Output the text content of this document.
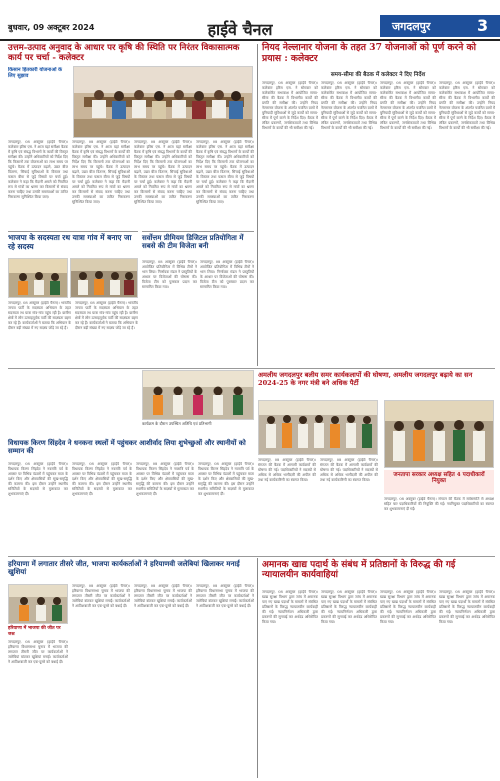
बुधवार, 09 अक्टूबर 2024	हाईवे चैनल	जगदलपुर	3
उत्तम-उत्पाद अनुवाद के आधार पर कृषि की स्थिति पर निरंतर विकासात्मक कार्य पर चर्चा - कलेक्टर
किसान हितकारी योजनाओं के लिए सुझाव
जगदलपुर, 08 अक्टूबर (हाईवे चैनल)। कलेक्टर हरिस एस. ने आज यहां समीक्षा बैठक में कृषि एवं संबद्ध विभागों के कार्यों की विस्तृत समीक्षा की। उन्होंने अधिकारियों को निर्देश दिए कि किसानों तक योजनाओं का लाभ समय पर पहुंचे। बैठक में उत्पादन बढ़ाने, उन्नत बीज वितरण, सिंचाई सुविधाओं के विस्तार तथा फसल बीमा से जुड़े विषयों पर चर्चा हुई। कलेक्टर ने कहा कि मैदानी अमले को नियमित रूप से गांवों का भ्रमण कर किसानों से संवाद करना चाहिए तथा उनकी समस्याओं का त्वरित निराकरण सुनिश्चित किया जाए।
जगदलपुर, 08 अक्टूबर (हाईवे चैनल)। कलेक्टर हरिस एस. ने आज यहां समीक्षा बैठक में कृषि एवं संबद्ध विभागों के कार्यों की विस्तृत समीक्षा की। उन्होंने अधिकारियों को निर्देश दिए कि किसानों तक योजनाओं का लाभ समय पर पहुंचे। बैठक में उत्पादन बढ़ाने, उन्नत बीज वितरण, सिंचाई सुविधाओं के विस्तार तथा फसल बीमा से जुड़े विषयों पर चर्चा हुई। कलेक्टर ने कहा कि मैदानी अमले को नियमित रूप से गांवों का भ्रमण कर किसानों से संवाद करना चाहिए तथा उनकी समस्याओं का त्वरित निराकरण सुनिश्चित किया जाए।
जगदलपुर, 08 अक्टूबर (हाईवे चैनल)। कलेक्टर हरिस एस. ने आज यहां समीक्षा बैठक में कृषि एवं संबद्ध विभागों के कार्यों की विस्तृत समीक्षा की। उन्होंने अधिकारियों को निर्देश दिए कि किसानों तक योजनाओं का लाभ समय पर पहुंचे। बैठक में उत्पादन बढ़ाने, उन्नत बीज वितरण, सिंचाई सुविधाओं के विस्तार तथा फसल बीमा से जुड़े विषयों पर चर्चा हुई। कलेक्टर ने कहा कि मैदानी अमले को नियमित रूप से गांवों का भ्रमण कर किसानों से संवाद करना चाहिए तथा उनकी समस्याओं का त्वरित निराकरण सुनिश्चित किया जाए।
जगदलपुर, 08 अक्टूबर (हाईवे चैनल)। कलेक्टर हरिस एस. ने आज यहां समीक्षा बैठक में कृषि एवं संबद्ध विभागों के कार्यों की विस्तृत समीक्षा की। उन्होंने अधिकारियों को निर्देश दिए कि किसानों तक योजनाओं का लाभ समय पर पहुंचे। बैठक में उत्पादन बढ़ाने, उन्नत बीज वितरण, सिंचाई सुविधाओं के विस्तार तथा फसल बीमा से जुड़े विषयों पर चर्चा हुई। कलेक्टर ने कहा कि मैदानी अमले को नियमित रूप से गांवों का भ्रमण कर किसानों से संवाद करना चाहिए तथा उनकी समस्याओं का त्वरित निराकरण सुनिश्चित किया जाए।
नियद नेल्लानार योजना के तहत 37 योजनाओं को पूर्ण करने को प्रयास : कलेक्टर
समय-सीमा की बैठक में कलेक्टर ने दिए निर्देश
जगदलपुर, 08 अक्टूबर (हाईवे चैनल)। कलेक्टर हरिस एस. ने सोमवार को कलेक्टोरेट सभाकक्ष में आयोजित समय-सीमा की बैठक में विभागीय कार्यों की प्रगति की समीक्षा की। उन्होंने नियद नेल्लानार योजना के अंतर्गत चयनित ग्रामों में बुनियादी सुविधाओं से जुड़े कार्यों को समय-सीमा में पूर्ण करने के निर्देश दिए। बैठक में लंबित प्रकरणों, जनशिकायतों तथा विभिन्न विभागों के कार्यों की भी समीक्षा की गई।
जगदलपुर, 08 अक्टूबर (हाईवे चैनल)। कलेक्टर हरिस एस. ने सोमवार को कलेक्टोरेट सभाकक्ष में आयोजित समय-सीमा की बैठक में विभागीय कार्यों की प्रगति की समीक्षा की। उन्होंने नियद नेल्लानार योजना के अंतर्गत चयनित ग्रामों में बुनियादी सुविधाओं से जुड़े कार्यों को समय-सीमा में पूर्ण करने के निर्देश दिए। बैठक में लंबित प्रकरणों, जनशिकायतों तथा विभिन्न विभागों के कार्यों की भी समीक्षा की गई।
जगदलपुर, 08 अक्टूबर (हाईवे चैनल)। कलेक्टर हरिस एस. ने सोमवार को कलेक्टोरेट सभाकक्ष में आयोजित समय-सीमा की बैठक में विभागीय कार्यों की प्रगति की समीक्षा की। उन्होंने नियद नेल्लानार योजना के अंतर्गत चयनित ग्रामों में बुनियादी सुविधाओं से जुड़े कार्यों को समय-सीमा में पूर्ण करने के निर्देश दिए। बैठक में लंबित प्रकरणों, जनशिकायतों तथा विभिन्न विभागों के कार्यों की भी समीक्षा की गई।
जगदलपुर, 08 अक्टूबर (हाईवे चैनल)। कलेक्टर हरिस एस. ने सोमवार को कलेक्टोरेट सभाकक्ष में आयोजित समय-सीमा की बैठक में विभागीय कार्यों की प्रगति की समीक्षा की। उन्होंने नियद नेल्लानार योजना के अंतर्गत चयनित ग्रामों में बुनियादी सुविधाओं से जुड़े कार्यों को समय-सीमा में पूर्ण करने के निर्देश दिए। बैठक में लंबित प्रकरणों, जनशिकायतों तथा विभिन्न विभागों के कार्यों की भी समीक्षा की गई।
भाजपा के सदस्यता रथ यात्रा गांव में बनाए जा रहे सदस्य
जगदलपुर, 08 अक्टूबर (हाईवे चैनल)। भारतीय जनता पार्टी के सदस्यता अभियान के तहत सदस्यता रथ यात्रा गांव-गांव पहुंच रही है। ग्रामीण क्षेत्रों में लोग उत्साहपूर्वक पार्टी की सदस्यता ग्रहण कर रहे हैं। कार्यकर्ताओं ने बताया कि अभियान के दौरान बड़ी संख्या में नए सदस्य जोड़े जा रहे हैं।
जगदलपुर, 08 अक्टूबर (हाईवे चैनल)। भारतीय जनता पार्टी के सदस्यता अभियान के तहत सदस्यता रथ यात्रा गांव-गांव पहुंच रही है। ग्रामीण क्षेत्रों में लोग उत्साहपूर्वक पार्टी की सदस्यता ग्रहण कर रहे हैं। कार्यकर्ताओं ने बताया कि अभियान के दौरान बड़ी संख्या में नए सदस्य जोड़े जा रहे हैं।
सर्वोत्तम प्रीमियम डिजिटल प्रतियोगिता में सबसे की टीम विजेता बनी
जगदलपुर, 08 अक्टूबर (हाईवे चैनल)। आयोजित प्रतियोगिता में विभिन्न टीमों ने भाग लिया। निर्णायक मंडल ने प्रस्तुतियों के आधार पर विजेताओं की घोषणा की। विजेता टीम को पुरस्कार प्रदान कर सम्मानित किया गया।
जगदलपुर, 08 अक्टूबर (हाईवे चैनल)। आयोजित प्रतियोगिता में विभिन्न टीमों ने भाग लिया। निर्णायक मंडल ने प्रस्तुतियों के आधार पर विजेताओं की घोषणा की। विजेता टीम को पुरस्कार प्रदान कर सम्मानित किया गया।
कार्यक्रम के दौरान उपस्थित अतिथि एवं प्रतिभागी
अमलीय जगदलपुर बलीय समर कार्यकलापों की घोषणा, अमलीय जगदलपुर बढ़ाये का सन 2024-25 के नगर मंत्री बने अधिक पैर्टी
जगदलपुर, 08 अक्टूबर (हाईवे चैनल)। संगठन की बैठक में आगामी कार्यक्रमों की घोषणा की गई। पदाधिकारियों ने सदस्यों से अधिक से अधिक भागीदारी की अपील की तथा नई कार्यकारिणी का स्वागत किया।
जगदलपुर, 08 अक्टूबर (हाईवे चैनल)। संगठन की बैठक में आगामी कार्यक्रमों की घोषणा की गई। पदाधिकारियों ने सदस्यों से अधिक से अधिक भागीदारी की अपील की तथा नई कार्यकारिणी का स्वागत किया।
जनतापा सरकार अध्यक्ष सहित 4 पदाधीकारों नियुक्त
जगदलपुर, 08 अक्टूबर (हाईवे चैनल)। संगठन की बैठक में सर्वसम्मति से अध्यक्ष सहित चार पदाधिकारियों की नियुक्ति की गई। नवनियुक्त पदाधिकारियों का स्वागत कर शुभकामनाएं दी गईं।
विधायक किरण सिंहदेव ने धनकना स्थलों में पहुंचकर आशीर्वाद लिया शुभेच्छुओं और स्थानीयों को सम्मान की
जगदलपुर, 08 अक्टूबर (हाईवे चैनल)। विधायक किरण सिंहदेव ने नवरात्रि पर्व के अवसर पर विभिन्न पंडालों में पहुंचकर माता के दर्शन किए और क्षेत्रवासियों की सुख-समृद्धि की कामना की। इस दौरान उन्होंने स्थानीय समितियों के सदस्यों से मुलाकात कर शुभकामनाएं दीं।
जगदलपुर, 08 अक्टूबर (हाईवे चैनल)। विधायक किरण सिंहदेव ने नवरात्रि पर्व के अवसर पर विभिन्न पंडालों में पहुंचकर माता के दर्शन किए और क्षेत्रवासियों की सुख-समृद्धि की कामना की। इस दौरान उन्होंने स्थानीय समितियों के सदस्यों से मुलाकात कर शुभकामनाएं दीं।
जगदलपुर, 08 अक्टूबर (हाईवे चैनल)। विधायक किरण सिंहदेव ने नवरात्रि पर्व के अवसर पर विभिन्न पंडालों में पहुंचकर माता के दर्शन किए और क्षेत्रवासियों की सुख-समृद्धि की कामना की। इस दौरान उन्होंने स्थानीय समितियों के सदस्यों से मुलाकात कर शुभकामनाएं दीं।
जगदलपुर, 08 अक्टूबर (हाईवे चैनल)। विधायक किरण सिंहदेव ने नवरात्रि पर्व के अवसर पर विभिन्न पंडालों में पहुंचकर माता के दर्शन किए और क्षेत्रवासियों की सुख-समृद्धि की कामना की। इस दौरान उन्होंने स्थानीय समितियों के सदस्यों से मुलाकात कर शुभकामनाएं दीं।
हरियाणा में लगातार तीसरे जीत, भाजपा कार्यकर्ताओं ने हरियाणवी जलेबियां खिलाकर मनाई खुशियां
हरियाणा में भाजपा की जीत पर जश्न
जगदलपुर, 08 अक्टूबर (हाईवे चैनल)। हरियाणा विधानसभा चुनाव में भाजपा की लगातार तीसरी जीत पर कार्यकर्ताओं ने जलेबियां बांटकर खुशियां मनाईं। कार्यकर्ताओं ने आतिशबाजी कर एक-दूसरे को बधाई दी।
जगदलपुर, 08 अक्टूबर (हाईवे चैनल)। हरियाणा विधानसभा चुनाव में भाजपा की लगातार तीसरी जीत पर कार्यकर्ताओं ने जलेबियां बांटकर खुशियां मनाईं। कार्यकर्ताओं ने आतिशबाजी कर एक-दूसरे को बधाई दी।
जगदलपुर, 08 अक्टूबर (हाईवे चैनल)। हरियाणा विधानसभा चुनाव में भाजपा की लगातार तीसरी जीत पर कार्यकर्ताओं ने जलेबियां बांटकर खुशियां मनाईं। कार्यकर्ताओं ने आतिशबाजी कर एक-दूसरे को बधाई दी।
जगदलपुर, 08 अक्टूबर (हाईवे चैनल)। हरियाणा विधानसभा चुनाव में भाजपा की लगातार तीसरी जीत पर कार्यकर्ताओं ने जलेबियां बांटकर खुशियां मनाईं। कार्यकर्ताओं ने आतिशबाजी कर एक-दूसरे को बधाई दी।
अमानक खाद्य पदार्थ के संबंध में प्रतिष्ठानों के विरुद्ध की गई न्यायालयीन कार्यवाहियां
जगदलपुर, 08 अक्टूबर (हाईवे चैनल)। खाद्य सुरक्षा विभाग द्वारा जांच में अमानक पाए गए खाद्य पदार्थों के मामलों में संबंधित प्रतिष्ठानों के विरुद्ध न्यायालयीन कार्यवाही की गई। न्यायनिर्णयन अधिकारी द्वारा प्रकरणों की सुनवाई कर अर्थदंड अधिरोपित किया गया।
जगदलपुर, 08 अक्टूबर (हाईवे चैनल)। खाद्य सुरक्षा विभाग द्वारा जांच में अमानक पाए गए खाद्य पदार्थों के मामलों में संबंधित प्रतिष्ठानों के विरुद्ध न्यायालयीन कार्यवाही की गई। न्यायनिर्णयन अधिकारी द्वारा प्रकरणों की सुनवाई कर अर्थदंड अधिरोपित किया गया।
जगदलपुर, 08 अक्टूबर (हाईवे चैनल)। खाद्य सुरक्षा विभाग द्वारा जांच में अमानक पाए गए खाद्य पदार्थों के मामलों में संबंधित प्रतिष्ठानों के विरुद्ध न्यायालयीन कार्यवाही की गई। न्यायनिर्णयन अधिकारी द्वारा प्रकरणों की सुनवाई कर अर्थदंड अधिरोपित किया गया।
जगदलपुर, 08 अक्टूबर (हाईवे चैनल)। खाद्य सुरक्षा विभाग द्वारा जांच में अमानक पाए गए खाद्य पदार्थों के मामलों में संबंधित प्रतिष्ठानों के विरुद्ध न्यायालयीन कार्यवाही की गई। न्यायनिर्णयन अधिकारी द्वारा प्रकरणों की सुनवाई कर अर्थदंड अधिरोपित किया गया।
